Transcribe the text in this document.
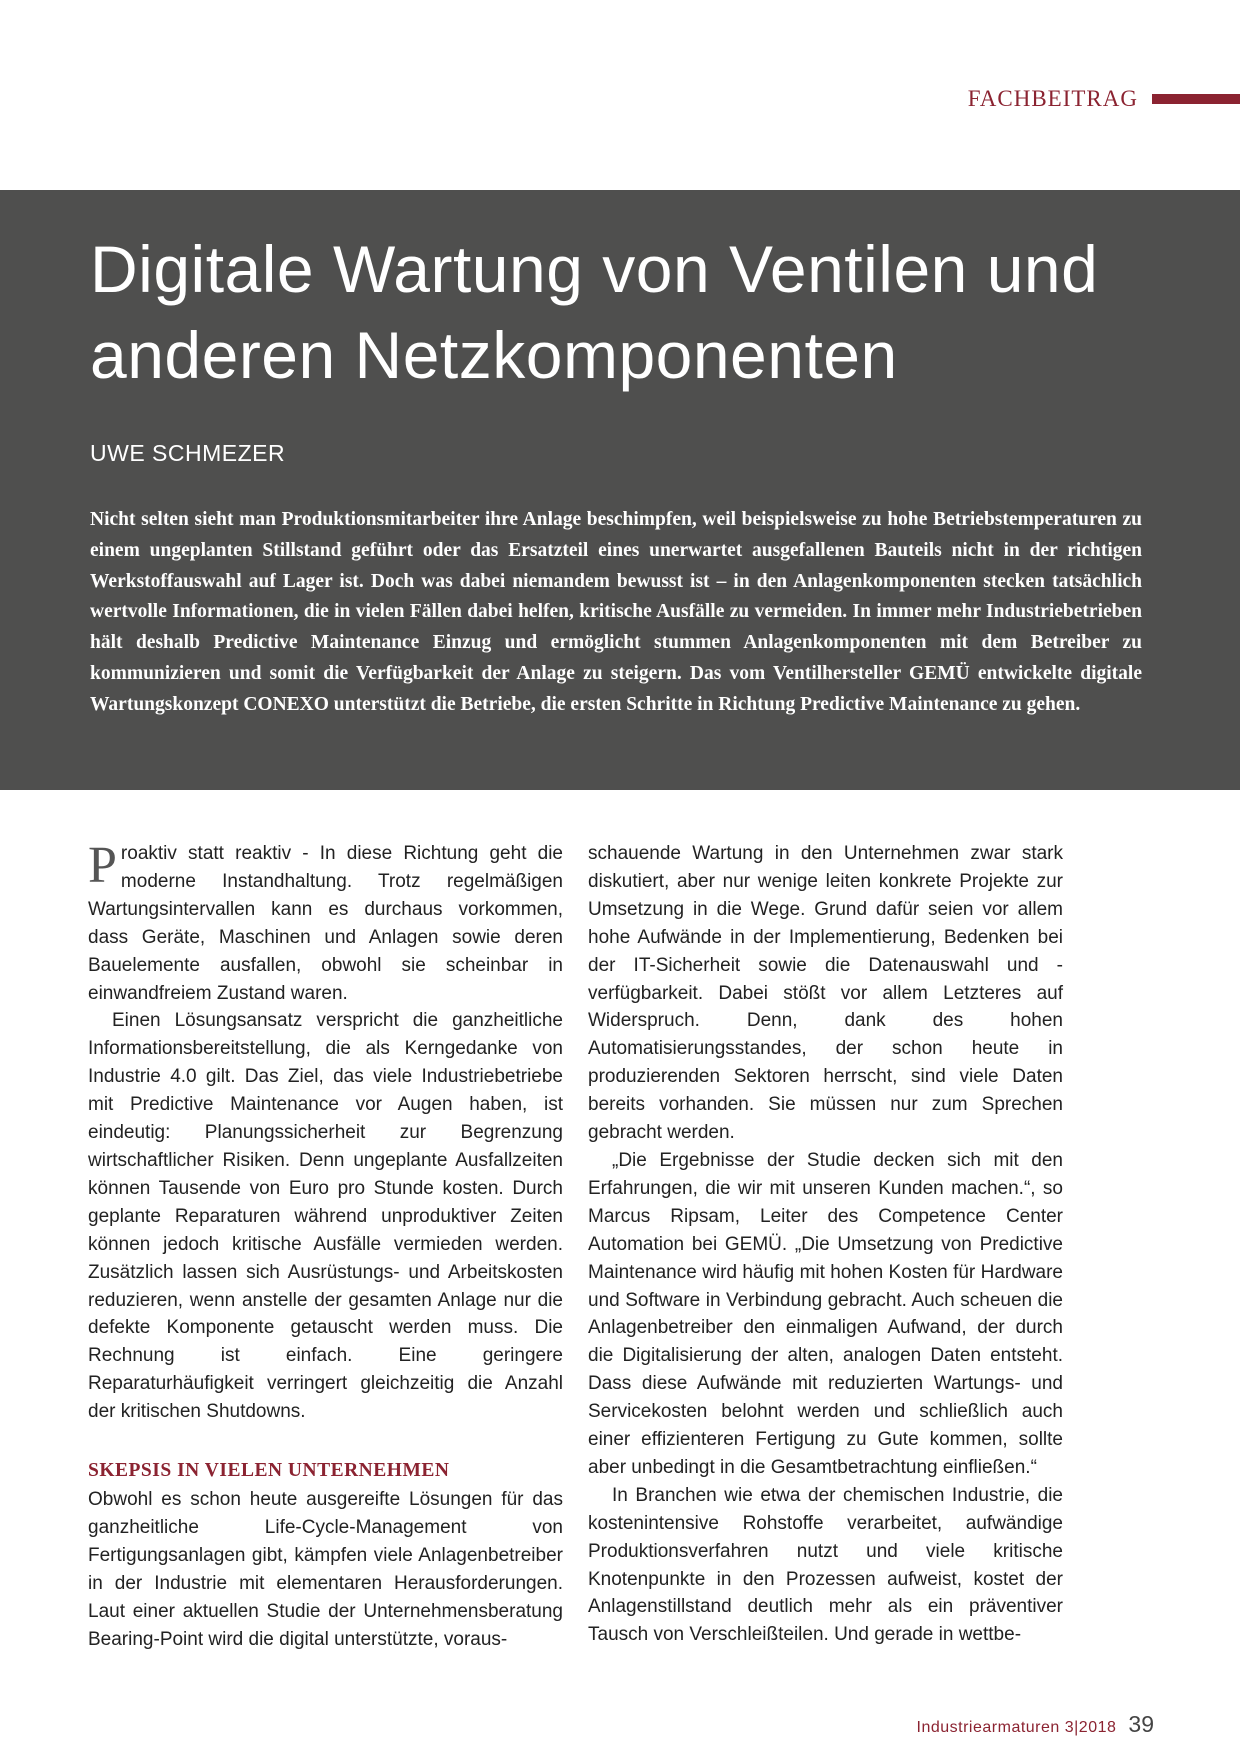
FACHBEITRAG
Digitale Wartung von Ventilen und anderen Netzkomponenten

UWE SCHMEZER

Nicht selten sieht man Produktionsmitarbeiter ihre Anlage beschimpfen, weil beispielsweise zu hohe Betriebstemperaturen zu einem ungeplanten Stillstand geführt oder das Ersatzteil eines unerwartet ausgefallenen Bauteils nicht in der richtigen Werkstoffauswahl auf Lager ist. Doch was dabei niemandem bewusst ist – in den Anlagenkomponenten stecken tatsächlich wertvolle Informationen, die in vielen Fällen dabei helfen, kritische Ausfälle zu vermeiden. In immer mehr Industriebetrieben hält deshalb Predictive Maintenance Einzug und ermöglicht stummen Anlagenkomponenten mit dem Betreiber zu kommunizieren und somit die Verfügbarkeit der Anlage zu steigern. Das vom Ventilhersteller GEMÜ entwickelte digitale Wartungskonzept CONEXO unterstützt die Betriebe, die ersten Schritte in Richtung Predictive Maintenance zu gehen.

Proaktiv statt reaktiv - In diese Richtung geht die moderne Instandhaltung. Trotz regelmäßigen Wartungsintervallen kann es durchaus vorkommen, dass Geräte, Maschinen und Anlagen sowie deren Bauelemente ausfallen, obwohl sie scheinbar in einwandfreiem Zustand waren.

Einen Lösungsansatz verspricht die ganzheitliche Informationsbereitstellung, die als Kerngedanke von Industrie 4.0 gilt. Das Ziel, das viele Industriebetriebe mit Predictive Maintenance vor Augen haben, ist eindeutig: Planungssicherheit zur Begrenzung wirtschaftlicher Risiken. Denn ungeplante Ausfallzeiten können Tausende von Euro pro Stunde kosten. Durch geplante Reparaturen während unproduktiver Zeiten können jedoch kritische Ausfälle vermieden werden. Zusätzlich lassen sich Ausrüstungs- und Arbeitskosten reduzieren, wenn anstelle der gesamten Anlage nur die defekte Komponente getauscht werden muss. Die Rechnung ist einfach. Eine geringere Reparaturhäufigkeit verringert gleichzeitig die Anzahl der kritischen Shutdowns.

SKEPSIS IN VIELEN UNTERNEHMEN

Obwohl es schon heute ausgereifte Lösungen für das ganzheitliche Life-Cycle-Management von Fertigungsanlagen gibt, kämpfen viele Anlagenbetreiber in der Industrie mit elementaren Herausforderungen. Laut einer aktuellen Studie der Unternehmensberatung Bearing-Point wird die digital unterstützte, voraus-

schauende Wartung in den Unternehmen zwar stark diskutiert, aber nur wenige leiten konkrete Projekte zur Umsetzung in die Wege. Grund dafür seien vor allem hohe Aufwände in der Implementierung, Bedenken bei der IT-Sicherheit sowie die Datenauswahl und -verfügbarkeit. Dabei stößt vor allem Letzteres auf Widerspruch. Denn, dank des hohen Automatisierungsstandes, der schon heute in produzierenden Sektoren herrscht, sind viele Daten bereits vorhanden. Sie müssen nur zum Sprechen gebracht werden.

„Die Ergebnisse der Studie decken sich mit den Erfahrungen, die wir mit unseren Kunden machen.“, so Marcus Ripsam, Leiter des Competence Center Automation bei GEMÜ. „Die Umsetzung von Predictive Maintenance wird häufig mit hohen Kosten für Hardware und Software in Verbindung gebracht. Auch scheuen die Anlagenbetreiber den einmaligen Aufwand, der durch die Digitalisierung der alten, analogen Daten entsteht. Dass diese Aufwände mit reduzierten Wartungs- und Servicekosten belohnt werden und schließlich auch einer effizienteren Fertigung zu Gute kommen, sollte aber unbedingt in die Gesamtbetrachtung einfließen.“

In Branchen wie etwa der chemischen Industrie, die kostenintensive Rohstoffe verarbeitet, aufwändige Produktionsverfahren nutzt und viele kritische Knotenpunkte in den Prozessen aufweist, kostet der Anlagenstillstand deutlich mehr als ein präventiver Tausch von Verschleißteilen. Und gerade in wettbe-

Industriearmaturen 3|2018 39
